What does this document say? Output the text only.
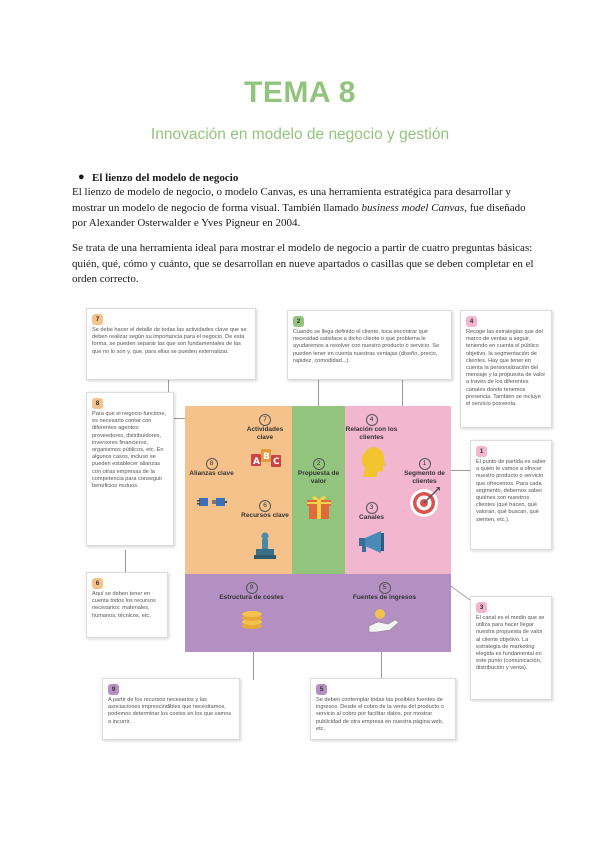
TEMA 8
Innovación en modelo de negocio y gestión
● El lienzo del modelo de negocio
El lienzo de modelo de negocio, o modelo Canvas, es una herramienta estratégica para desarrollar y mostrar un modelo de negocio de forma visual. También llamado business model Canvas, fue diseñado por Alexander Osterwalder e Yves Pigneur en 2004.
Se trata de una herramienta ideal para mostrar el modelo de negocio a partir de cuatro preguntas básicas: quién, qué, cómo y cuánto, que se desarrollan en nueve apartados o casillas que se deben completar en el orden correcto.
8
Alianzas clave
7
Actividades clave
A B C
6
Recursos clave
2
Propuesta de valor
4
Relación con los clientes
3
Canales
1
Segmento de clientes
9
Estructura de costes
5
Fuentes de ingresos
7
Se debe hacer el detalle de todas las actividades clave que se deben realizar según su importancia para el negocio. De esta forma, se pueden separar las que son fundamentales de las que no lo son y, que, para ellas se pueden externalizar.
2
Cuando se llega definido el cliente, toca encontrar qué necesidad satisface a dicho cliente o qué problema le ayudaremos a resolver con nuestro producto o servicio. Se pueden tener en cuenta nuestras ventajas (diseño, precio, rapidez, comodidad...).
4
Recoge las estrategias que del marco de ventas a seguir, teniendo en cuenta el público objetivo, la segmentación de clientes. Hay que tener en cuenta la personalización del mensaje y la propuesta de valor a través de los diferentes canales donde tenemos presencia. También se incluye el servicio posventa.
8
Para que el negocio funcione, es necesario contar con diferentes agentes: proveedores, distribuidores, inversores financieros, organismos públicos, etc. En algunos casos, incluso se pueden establecer alianzas con otras empresas de la competencia para conseguir beneficios mutuos.
1
El punto de partida es saber a quién le vamos a ofrecer nuestro producto o servicio que ofrecemos. Para cada segmento, debemos saber quiénes son nuestros clientes (qué hacen, qué valoran, qué buscan, qué sienten, etc.).
6
Aquí se deben tener en cuenta todos los recursos necesarios: materiales, humanos, técnicos, etc.
3
El canal es el medio que se utiliza para hacer llegar nuestra propuesta de valor al cliente objetivo. La estrategia de marketing elegida es fundamental en este punto (comunicación, distribución y venta).
9
A partir de los recursos necesarios y las asociaciones imprescindibles que necesitamos, podemos determinar los costes en los que vamos a incurrir.
5
Se deben contemplar todas las posibles fuentes de ingresos. Desde el cobro de la venta del producto o servicio al cobro por facilitar datos, por mostrar publicidad de otra empresa en nuestra página web, etc.
